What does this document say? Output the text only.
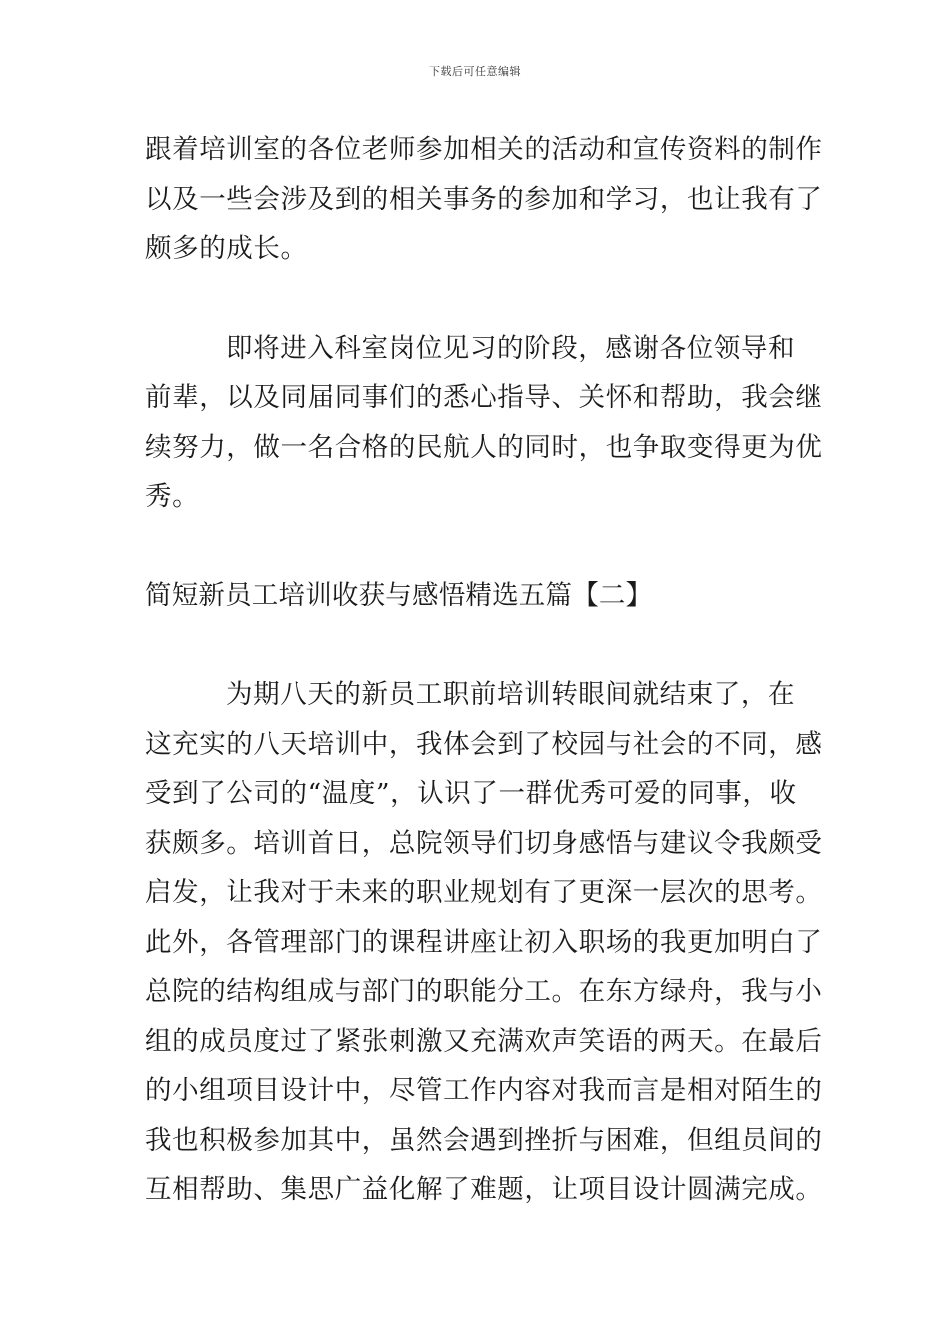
下载后可任意编辑
跟着培训室的各位老师参加相关的活动和宣传资料的制作
以及一些会涉及到的相关事务的参加和学习，也让我有了
颇多的成长。
即将进入科室岗位见习的阶段，感谢各位领导和
前辈，以及同届同事们的悉心指导、关怀和帮助，我会继
续努力，做一名合格的民航人的同时，也争取变得更为优
秀。
简短新员工培训收获与感悟精选五篇【二】
为期八天的新员工职前培训转眼间就结束了，在
这充实的八天培训中，我体会到了校园与社会的不同，感
受到了公司的“温度”，认识了一群优秀可爱的同事，收
获颇多。培训首日，总院领导们切身感悟与建议令我颇受
启发，让我对于未来的职业规划有了更深一层次的思考。
此外，各管理部门的课程讲座让初入职场的我更加明白了
总院的结构组成与部门的职能分工。在东方绿舟，我与小
组的成员度过了紧张刺激又充满欢声笑语的两天。在最后
的小组项目设计中，尽管工作内容对我而言是相对陌生的
我也积极参加其中，虽然会遇到挫折与困难，但组员间的
互相帮助、集思广益化解了难题，让项目设计圆满完成。
